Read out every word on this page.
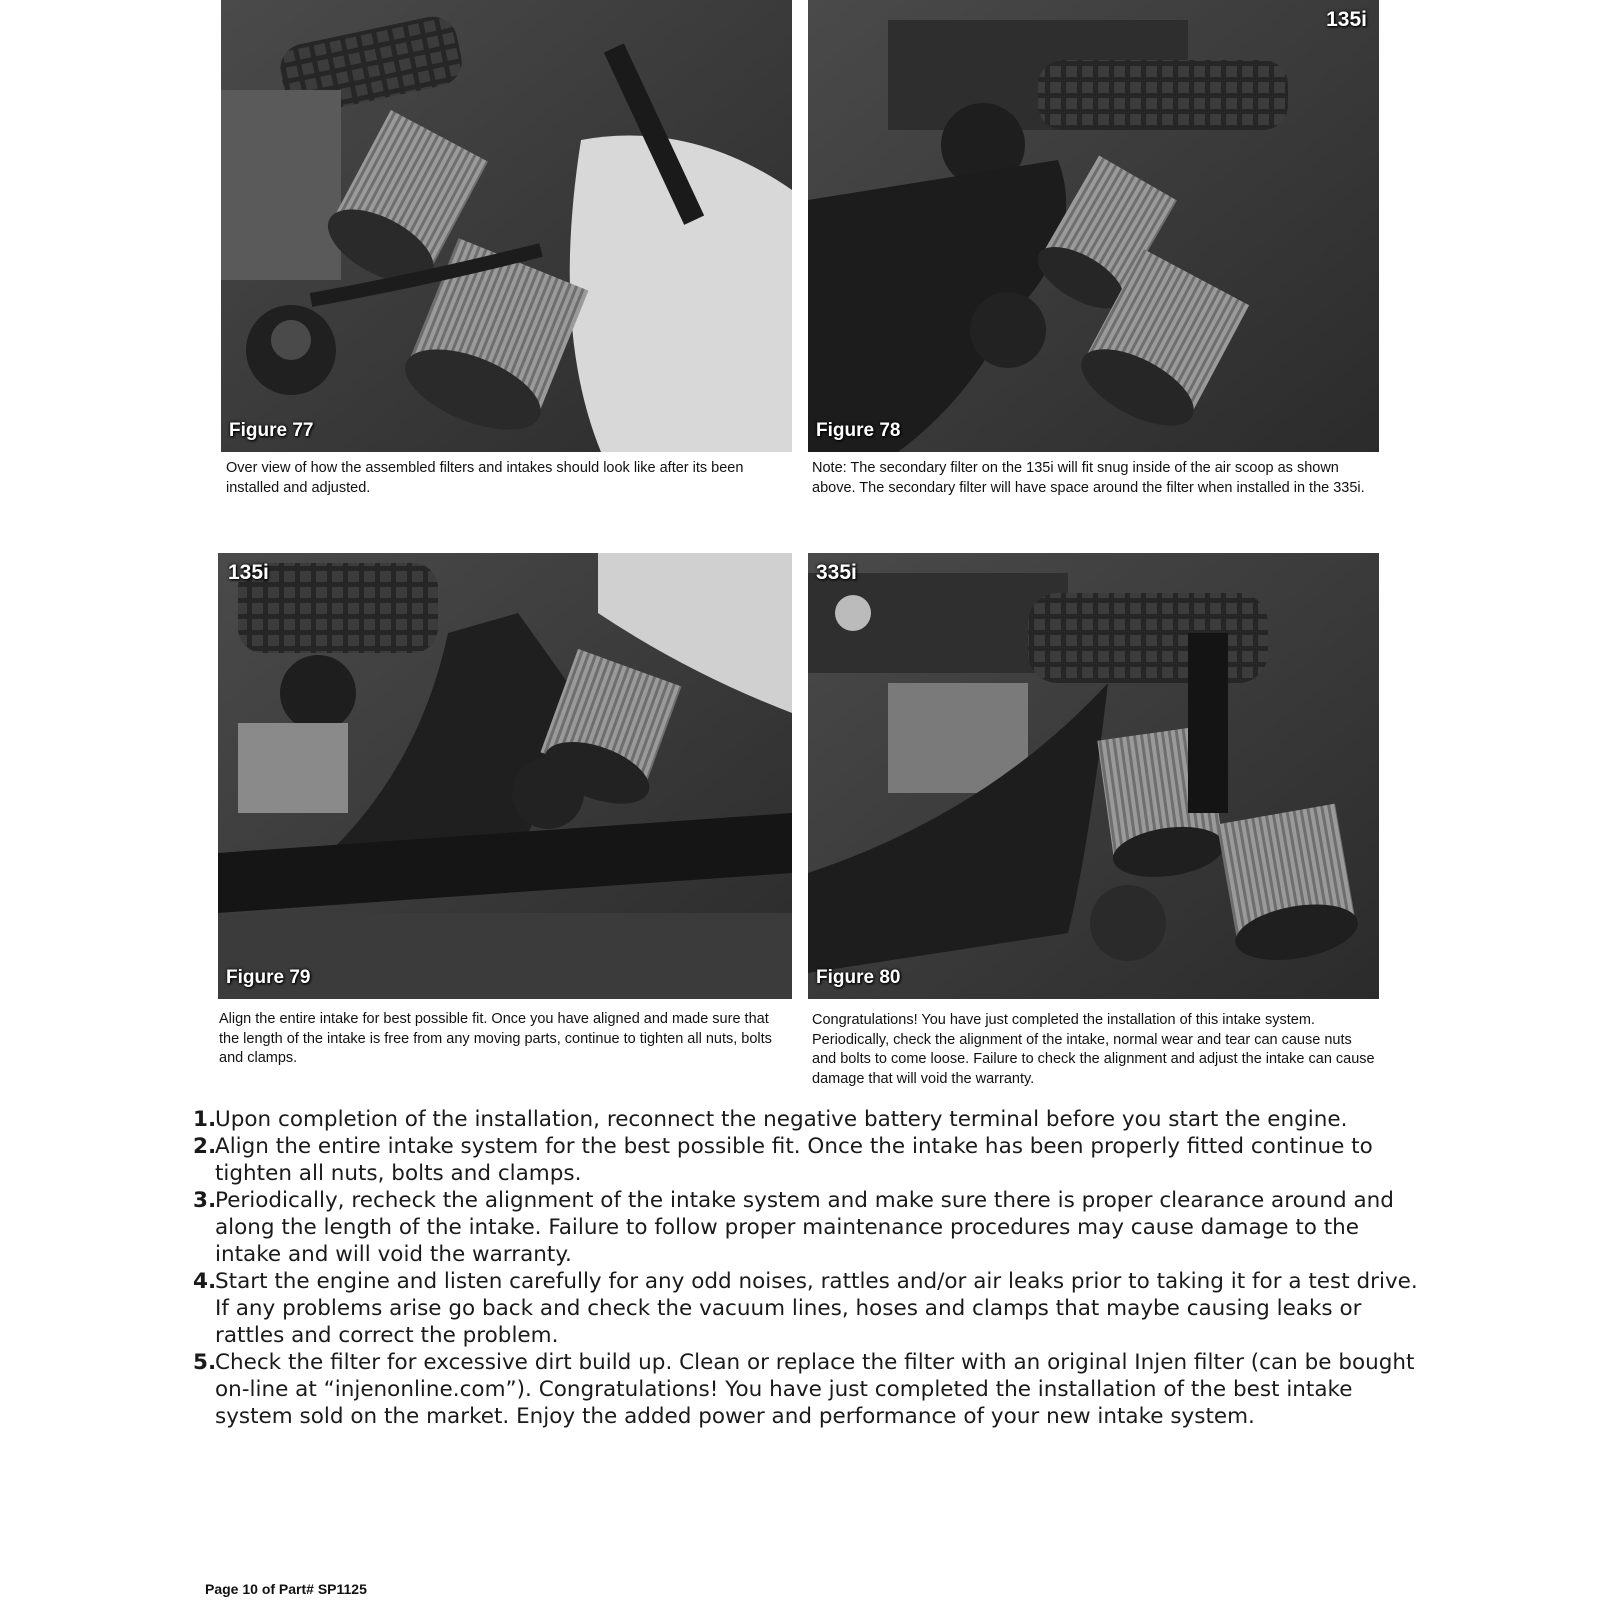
Figure 77
Over view of how the assembled filters and intakes should look like after its been installed and adjusted.
135i
Figure 78
Note: The secondary filter on the 135i will fit snug inside of the air scoop as shown above. The secondary filter will have space around the filter when installed in the 335i.
135i
Figure 79
Align the entire intake for best possible fit. Once you have aligned and made sure that the length of the intake is free from any moving parts, continue to tighten all nuts, bolts and clamps.
335i
Figure 80
Congratulations! You have just completed the installation of this intake system. Periodically, check the alignment of the intake, normal wear and tear can cause nuts and bolts to come loose. Failure to check the alignment and adjust the intake can cause damage that will void the warranty.

1.
Upon completion of the installation, reconnect the negative battery terminal before you start the engine.

2.
Align the entire intake system for the best possible fit. Once the intake has been properly fitted continue to tighten all nuts, bolts and clamps.

3.
Periodically, recheck the alignment of the intake system and make sure there is proper clearance around and along the length of the intake. Failure to follow proper maintenance procedures may cause damage to the intake and will void the warranty.

4.
Start the engine and listen carefully for any odd noises, rattles and/or air leaks prior to taking it for a test drive. If any problems arise go back and check the vacuum lines, hoses and clamps that maybe causing leaks or rattles and correct the problem.

5.
Check the filter for excessive dirt build up. Clean or replace the filter with an original Injen filter (can be bought on-line at “injenonline.com”). Congratulations! You have just completed the installation of the best intake system sold on the market. Enjoy the added power and performance of your new intake system.

Page 10 of Part# SP1125
